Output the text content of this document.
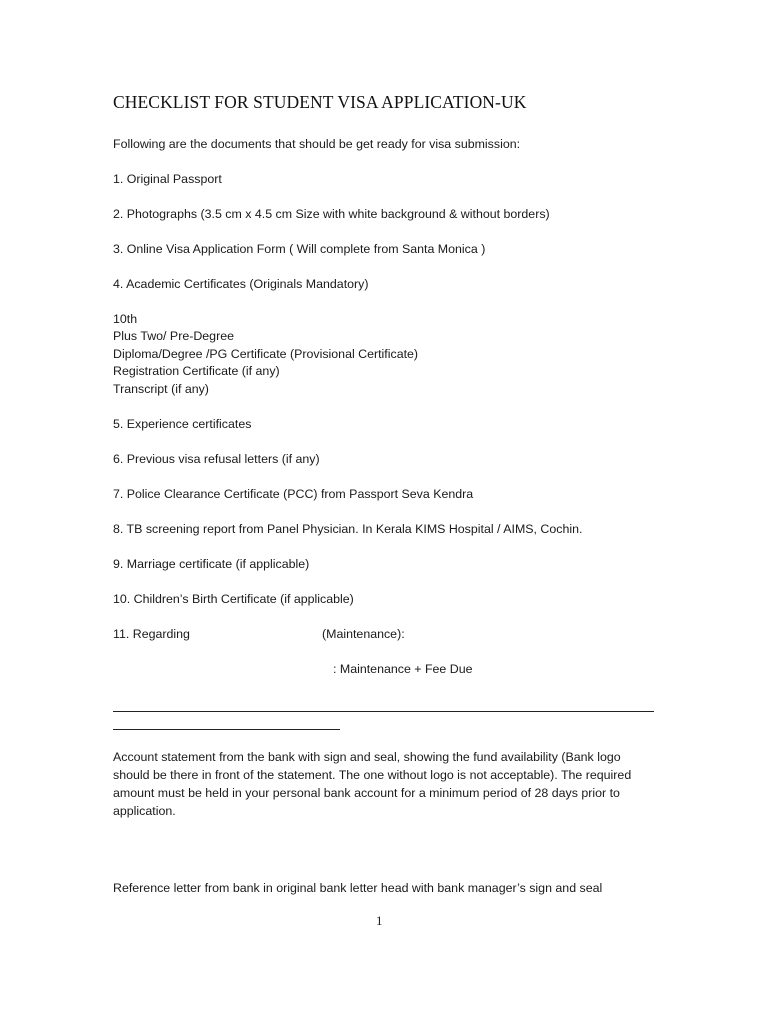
CHECKLIST FOR STUDENT VISA APPLICATION-UK
Following are the documents that should be get ready for visa submission:
1. Original Passport
2. Photographs (3.5 cm x 4.5 cm Size with white background & without borders)
3. Online Visa Application Form ( Will complete from Santa Monica )
4. Academic Certificates (Originals Mandatory)
10th
Plus Two/ Pre-Degree
Diploma/Degree /PG Certificate (Provisional Certificate)
Registration Certificate (if any)
Transcript (if any)
5. Experience certificates
6. Previous visa refusal letters (if any)
7. Police Clearance Certificate (PCC) from Passport Seva Kendra
8. TB screening report from Panel Physician. In Kerala KIMS Hospital / AIMS, Cochin.
9. Marriage certificate (if applicable)
10. Children’s Birth Certificate (if applicable)
11. Regarding	(Maintenance):
: Maintenance + Fee Due
Account statement from the bank with sign and seal, showing the fund availability (Bank logo should be there in front of the statement. The one without logo is not acceptable). The required amount must be held in your personal bank account for a minimum period of 28 days prior to application.
Reference letter from bank in original bank letter head with bank manager’s sign and seal
1
